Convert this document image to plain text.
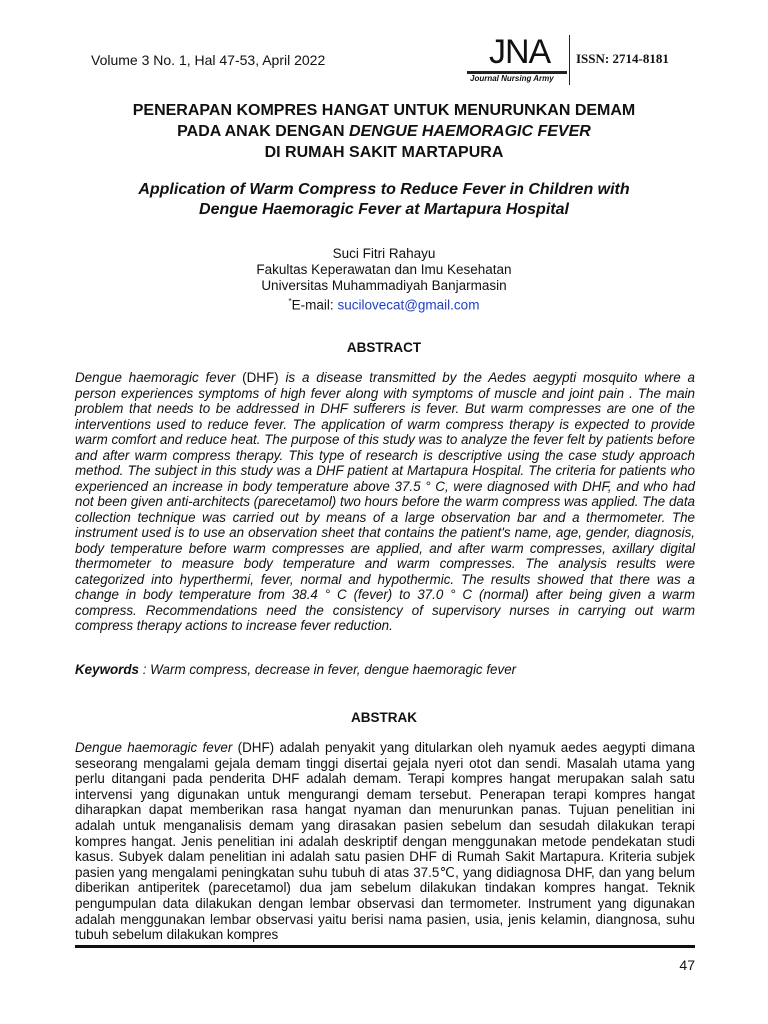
Volume 3 No. 1, Hal 47-53, April 2022	JNA
Journal Nursing Army
ISSN: 2714-8181
PENERAPAN KOMPRES HANGAT UNTUK MENURUNKAN DEMAM
PADA ANAK DENGAN DENGUE HAEMORAGIC FEVER
DI RUMAH SAKIT MARTAPURA
Application of Warm Compress to Reduce Fever in Children with
Dengue Haemoragic Fever at Martapura Hospital
Suci Fitri Rahayu
Fakultas Keperawatan dan Imu Kesehatan
Universitas Muhammadiyah Banjarmasin
*E-mail: sucilovecat@gmail.com
ABSTRACT
Dengue haemoragic fever (DHF) is a disease transmitted by the Aedes aegypti mosquito where a person experiences symptoms of high fever along with symptoms of muscle and joint pain . The main problem that needs to be addressed in DHF sufferers is fever. But warm compresses are one of the interventions used to reduce fever. The application of warm compress therapy is expected to provide warm comfort and reduce heat. The purpose of this study was to analyze the fever felt by patients before and after warm compress therapy. This type of research is descriptive using the case study approach method. The subject in this study was a DHF patient at Martapura Hospital. The criteria for patients who experienced an increase in body temperature above 37.5 ° C, were diagnosed with DHF, and who had not been given anti-architects (parecetamol) two hours before the warm compress was applied. The data collection technique was carried out by means of a large observation bar and a thermometer. The instrument used is to use an observation sheet that contains the patient's name, age, gender, diagnosis, body temperature before warm compresses are applied, and after warm compresses, axillary digital thermometer to measure body temperature and warm compresses. The analysis results were categorized into hyperthermi, fever, normal and hypothermic. The results showed that there was a change in body temperature from 38.4 ° C (fever) to 37.0 ° C (normal) after being given a warm compress. Recommendations need the consistency of supervisory nurses in carrying out warm compress therapy actions to increase fever reduction.
Keywords : Warm compress, decrease in fever, dengue haemoragic fever
ABSTRAK
Dengue haemoragic fever (DHF) adalah penyakit yang ditularkan oleh nyamuk aedes aegypti dimana seseorang mengalami gejala demam tinggi disertai gejala nyeri otot dan sendi. Masalah utama yang perlu ditangani pada penderita DHF adalah demam. Terapi kompres hangat merupakan salah satu intervensi yang digunakan untuk mengurangi demam tersebut. Penerapan terapi kompres hangat diharapkan dapat memberikan rasa hangat nyaman dan menurunkan panas. Tujuan penelitian ini adalah untuk menganalisis demam yang dirasakan pasien sebelum dan sesudah dilakukan terapi kompres hangat. Jenis penelitian ini adalah deskriptif dengan menggunakan metode pendekatan studi kasus. Subyek dalam penelitian ini adalah satu pasien DHF di Rumah Sakit Martapura. Kriteria subjek pasien yang mengalami peningkatan suhu tubuh di atas 37.5℃, yang didiagnosa DHF, dan yang belum diberikan antiperitek (parecetamol) dua jam sebelum dilakukan tindakan kompres hangat. Teknik pengumpulan data dilakukan dengan lembar observasi dan termometer. Instrument yang digunakan adalah menggunakan lembar observasi yaitu berisi nama pasien, usia, jenis kelamin, diangnosa, suhu tubuh sebelum dilakukan kompres
47
